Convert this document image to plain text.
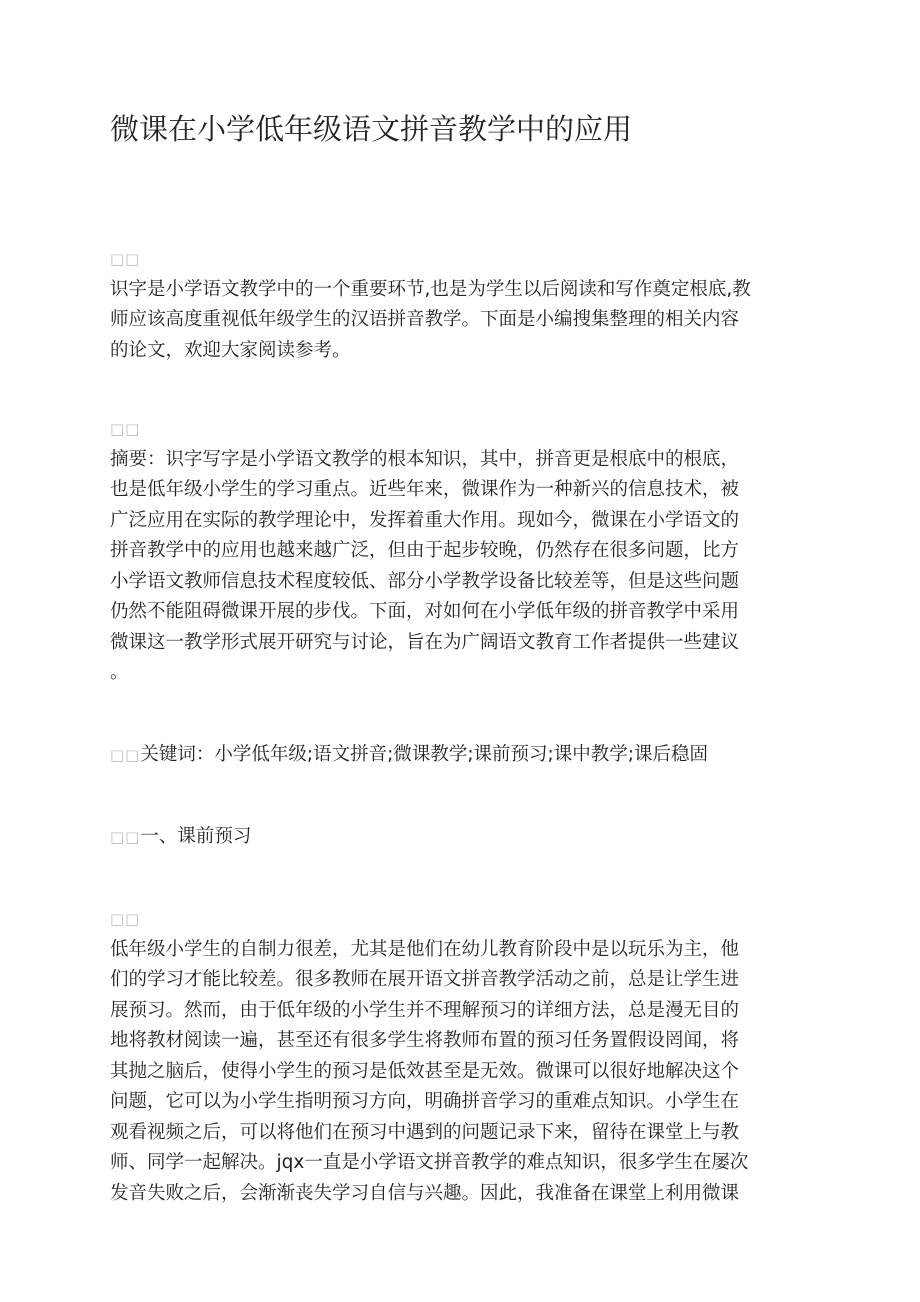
微课在小学低年级语文拼音教学中的应用
□□
识字是小学语文教学中的一个重要环节,也是为学生以后阅读和写作奠定根底,教
师应该高度重视低年级学生的汉语拼音教学。下面是小编搜集整理的相关内容
的论文，欢迎大家阅读参考。
□□
摘要：识字写字是小学语文教学的根本知识，其中，拼音更是根底中的根底，
也是低年级小学生的学习重点。近些年来，微课作为一种新兴的信息技术，被
广泛应用在实际的教学理论中，发挥着重大作用。现如今，微课在小学语文的
拼音教学中的应用也越来越广泛，但由于起步较晚，仍然存在很多问题，比方
小学语文教师信息技术程度较低、部分小学教学设备比较差等，但是这些问题
仍然不能阻碍微课开展的步伐。下面，对如何在小学低年级的拼音教学中采用
微课这一教学形式展开研究与讨论，旨在为广阔语文教育工作者提供一些建议
。
□□关键词：小学低年级;语文拼音;微课教学;课前预习;课中教学;课后稳固
□□一、课前预习
□□
低年级小学生的自制力很差，尤其是他们在幼儿教育阶段中是以玩乐为主，他
们的学习才能比较差。很多教师在展开语文拼音教学活动之前，总是让学生进
展预习。然而，由于低年级的小学生并不理解预习的详细方法，总是漫无目的
地将教材阅读一遍，甚至还有很多学生将教师布置的预习任务置假设罔闻，将
其抛之脑后，使得小学生的预习是低效甚至是无效。微课可以很好地解决这个
问题，它可以为小学生指明预习方向，明确拼音学习的重难点知识。小学生在
观看视频之后，可以将他们在预习中遇到的问题记录下来，留待在课堂上与教
师、同学一起解决。jqx一直是小学语文拼音教学的难点知识，很多学生在屡次
发音失败之后，会渐渐丧失学习自信与兴趣。因此，我准备在课堂上利用微课
